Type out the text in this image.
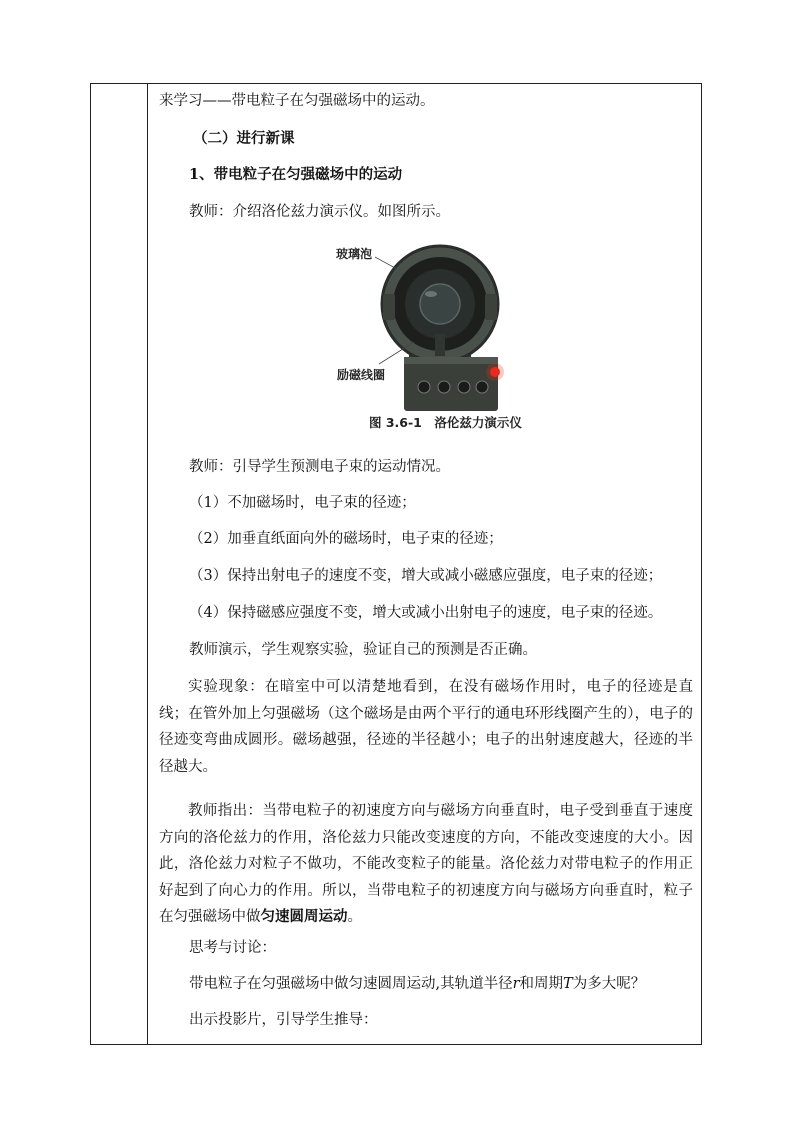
来学习——带电粒子在匀强磁场中的运动。
（二）进行新课
1、带电粒子在匀强磁场中的运动
教师：介绍洛伦兹力演示仪。如图所示。
玻璃泡
励磁线圈
图 3.6-1　洛伦兹力演示仪
教师：引导学生预测电子束的运动情况。
（1）不加磁场时，电子束的径迹；
（2）加垂直纸面向外的磁场时，电子束的径迹；
（3）保持出射电子的速度不变，增大或减小磁感应强度，电子束的径迹；
（4）保持磁感应强度不变，增大或减小出射电子的速度，电子束的径迹。
教师演示，学生观察实验，验证自己的预测是否正确。
实验现象：在暗室中可以清楚地看到，在没有磁场作用时，电子的径迹是直线；在管外加上匀强磁场（这个磁场是由两个平行的通电环形线圈产生的），电子的径迹变弯曲成圆形。磁场越强，径迹的半径越小；电子的出射速度越大，径迹的半径越大。
教师指出：当带电粒子的初速度方向与磁场方向垂直时，电子受到垂直于速度方向的洛伦兹力的作用，洛伦兹力只能改变速度的方向，不能改变速度的大小。因此，洛伦兹力对粒子不做功，不能改变粒子的能量。洛伦兹力对带电粒子的作用正好起到了向心力的作用。所以，当带电粒子的初速度方向与磁场方向垂直时，粒子在匀强磁场中做匀速圆周运动。
思考与讨论：
带电粒子在匀强磁场中做匀速圆周运动,其轨道半径r和周期T为多大呢？
出示投影片，引导学生推导：
